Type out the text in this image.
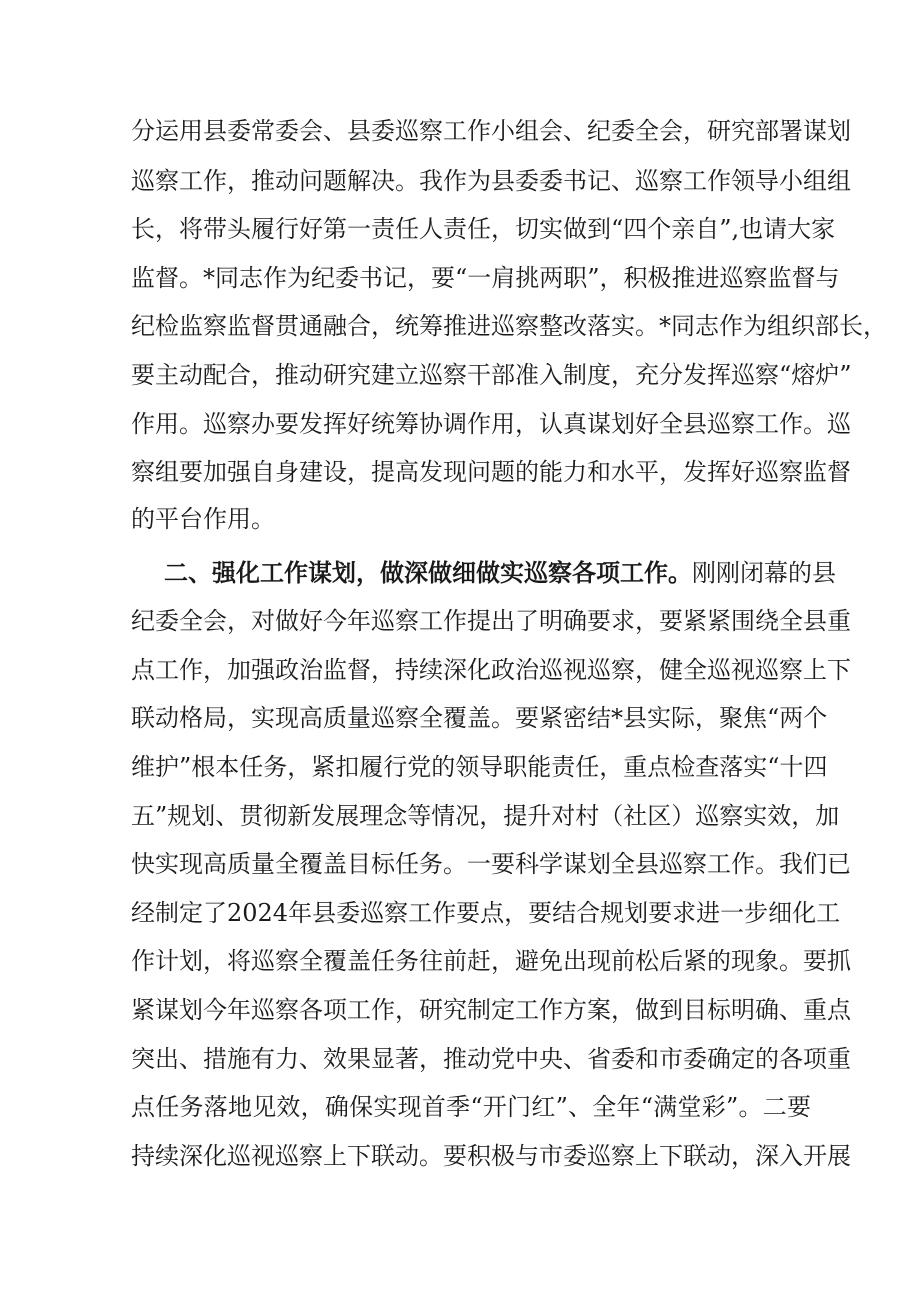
分运用县委常委会、县委巡察工作小组会、纪委全会，研究部署谋划
巡察工作，推动问题解决。我作为县委委书记、巡察工作领导小组组
长，将带头履行好第一责任人责任，切实做到“四个亲自”,也请大家
监督。*同志作为纪委书记，要“一肩挑两职”，积极推进巡察监督与
纪检监察监督贯通融合，统筹推进巡察整改落实。*同志作为组织部长，
要主动配合，推动研究建立巡察干部准入制度，充分发挥巡察“熔炉”
作用。巡察办要发挥好统筹协调作用，认真谋划好全县巡察工作。巡
察组要加强自身建设，提高发现问题的能力和水平，发挥好巡察监督
的平台作用。
二、强化工作谋划，做深做细做实巡察各项工作。刚刚闭幕的县
纪委全会，对做好今年巡察工作提出了明确要求，要紧紧围绕全县重
点工作，加强政治监督，持续深化政治巡视巡察，健全巡视巡察上下
联动格局，实现高质量巡察全覆盖。要紧密结*县实际，聚焦“两个
维护”根本任务，紧扣履行党的领导职能责任，重点检查落实“十四
五”规划、贯彻新发展理念等情况，提升对村（社区）巡察实效，加
快实现高质量全覆盖目标任务。一要科学谋划全县巡察工作。我们已
经制定了2024年县委巡察工作要点，要结合规划要求进一步细化工
作计划，将巡察全覆盖任务往前赶，避免出现前松后紧的现象。要抓
紧谋划今年巡察各项工作，研究制定工作方案，做到目标明确、重点
突出、措施有力、效果显著，推动党中央、省委和市委确定的各项重
点任务落地见效，确保实现首季“开门红”、全年“满堂彩”。二要
持续深化巡视巡察上下联动。要积极与市委巡察上下联动，深入开展
